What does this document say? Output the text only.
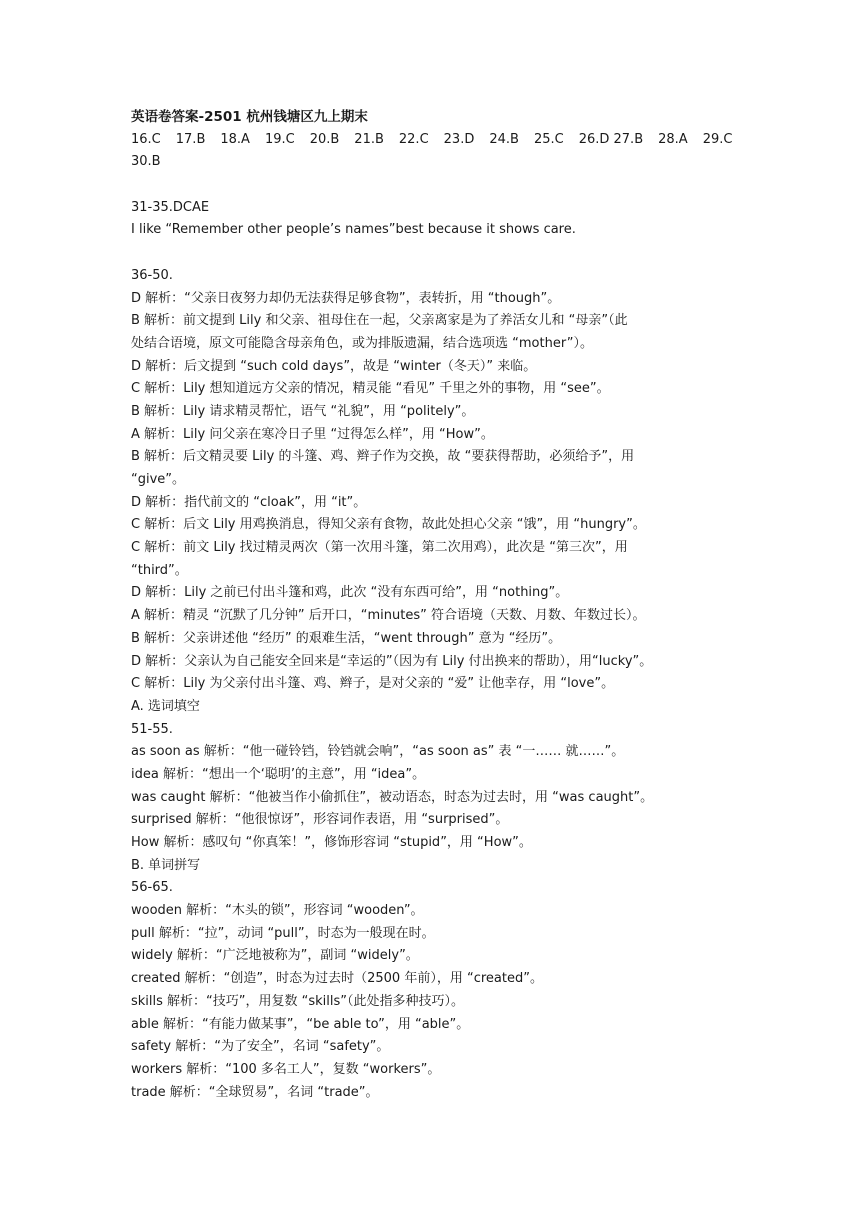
英语卷答案-2501 杭州钱塘区九上期末
16.C 17.B 18.A 19.C 20.B 21.B 22.C 23.D 24.B 25.C 26.D 27.B 28.A 29.C
30.B
31-35.DCAE
I like “Remember other people’s names”best because it shows care.
36-50.
D 解析：“父亲日夜努力却仍无法获得足够食物”，表转折，用 “though”。
B 解析：前文提到 Lily 和父亲、祖母住在一起，父亲离家是为了养活女儿和 “母亲”（此
处结合语境，原文可能隐含母亲角色，或为排版遗漏，结合选项选 “mother”）。
D 解析：后文提到 “such cold days”，故是 “winter（冬天）” 来临。
C 解析：Lily 想知道远方父亲的情况，精灵能 “看见” 千里之外的事物，用 “see”。
B 解析：Lily 请求精灵帮忙，语气 “礼貌”，用 “politely”。
A 解析：Lily 问父亲在寒冷日子里 “过得怎么样”，用 “How”。
B 解析：后文精灵要 Lily 的斗篷、鸡、辫子作为交换，故 “要获得帮助，必须给予”，用
“give”。
D 解析：指代前文的 “cloak”，用 “it”。
C 解析：后文 Lily 用鸡换消息，得知父亲有食物，故此处担心父亲 “饿”，用 “hungry”。
C 解析：前文 Lily 找过精灵两次（第一次用斗篷，第二次用鸡），此次是 “第三次”，用
“third”。
D 解析：Lily 之前已付出斗篷和鸡，此次 “没有东西可给”，用 “nothing”。
A 解析：精灵 “沉默了几分钟” 后开口，“minutes” 符合语境（天数、月数、年数过长）。
B 解析：父亲讲述他 “经历” 的艰难生活，“went through” 意为 “经历”。
D 解析：父亲认为自己能安全回来是“幸运的”（因为有 Lily 付出换来的帮助），用“lucky”。
C 解析：Lily 为父亲付出斗篷、鸡、辫子，是对父亲的 “爱” 让他幸存，用 “love”。
A. 选词填空
51-55.
as soon as 解析：“他一碰铃铛，铃铛就会响”，“as soon as” 表 “一…… 就……”。
idea 解析：“想出一个‘聪明’的主意”，用 “idea”。
was caught 解析：“他被当作小偷抓住”，被动语态，时态为过去时，用 “was caught”。
surprised 解析：“他很惊讶”，形容词作表语，用 “surprised”。
How 解析：感叹句 “你真笨！”，修饰形容词 “stupid”，用 “How”。
B. 单词拼写
56-65.
wooden 解析：“木头的锁”，形容词 “wooden”。
pull 解析：“拉”，动词 “pull”，时态为一般现在时。
widely 解析：“广泛地被称为”，副词 “widely”。
created 解析：“创造”，时态为过去时（2500 年前），用 “created”。
skills 解析：“技巧”，用复数 “skills”（此处指多种技巧）。
able 解析：“有能力做某事”，“be able to”，用 “able”。
safety 解析：“为了安全”，名词 “safety”。
workers 解析：“100 多名工人”，复数 “workers”。
trade 解析：“全球贸易”，名词 “trade”。
